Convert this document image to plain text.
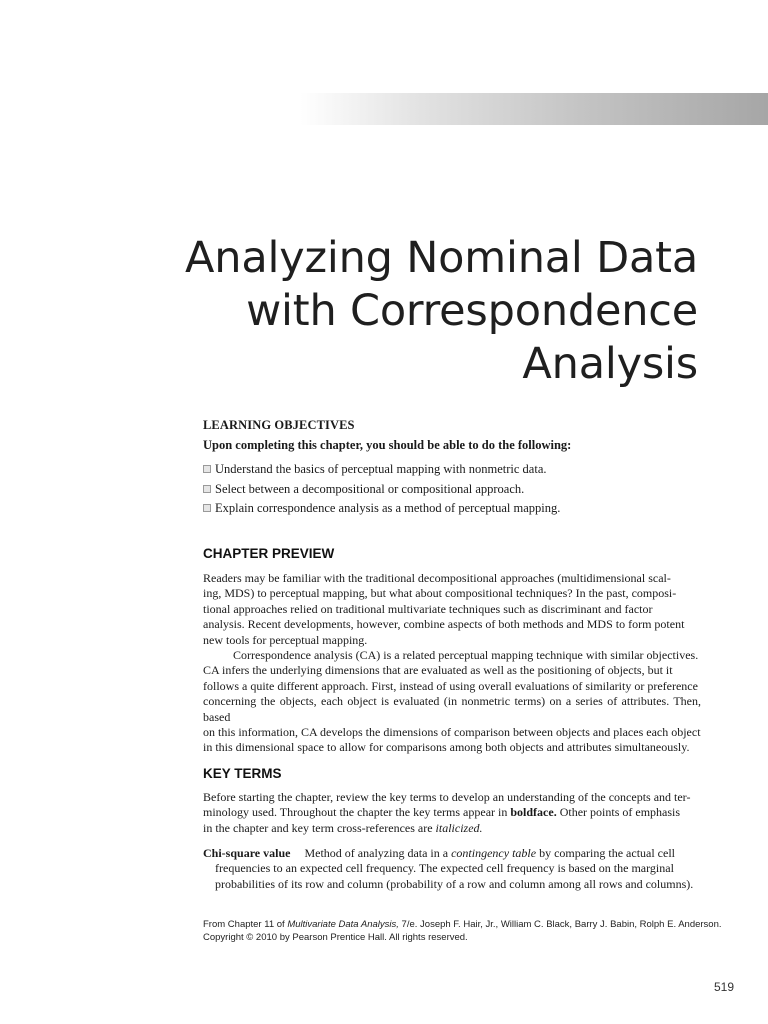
Analyzing Nominal Data
with Correspondence
Analysis
LEARNING OBJECTIVES
Upon completing this chapter, you should be able to do the following:
Understand the basics of perceptual mapping with nonmetric data.
Select between a decompositional or compositional approach.
Explain correspondence analysis as a method of perceptual mapping.
CHAPTER PREVIEW

Readers may be familiar with the traditional decompositional approaches (multidimensional scal-
ing, MDS) to perceptual mapping, but what about compositional techniques? In the past, composi-
tional approaches relied on traditional multivariate techniques such as discriminant and factor
analysis. Recent developments, however, combine aspects of both methods and MDS to form potent
new tools for perceptual mapping.

Correspondence analysis (CA) is a related perceptual mapping technique with similar objectives.
CA infers the underlying dimensions that are evaluated as well as the positioning of objects, but it
follows a quite different approach. First, instead of using overall evaluations of similarity or preference
concerning the objects, each object is evaluated (in nonmetric terms) on a series of attributes. Then, based
on this information, CA develops the dimensions of comparison between objects and places each object
in this dimensional space to allow for comparisons among both objects and attributes simultaneously.

KEY TERMS

Before starting the chapter, review the key terms to develop an understanding of the concepts and ter-
minology used. Throughout the chapter the key terms appear in boldface. Other points of emphasis
in the chapter and key term cross-references are italicized.

Chi-square value Method of analyzing data in a contingency table by comparing the actual cell
frequencies to an expected cell frequency. The expected cell frequency is based on the marginal
probabilities of its row and column (probability of a row and column among all rows and columns).
From Chapter 11 of Multivariate Data Analysis, 7/e. Joseph F. Hair, Jr., William C. Black, Barry J. Babin, Rolph E. Anderson.
Copyright © 2010 by Pearson Prentice Hall. All rights reserved.
519
